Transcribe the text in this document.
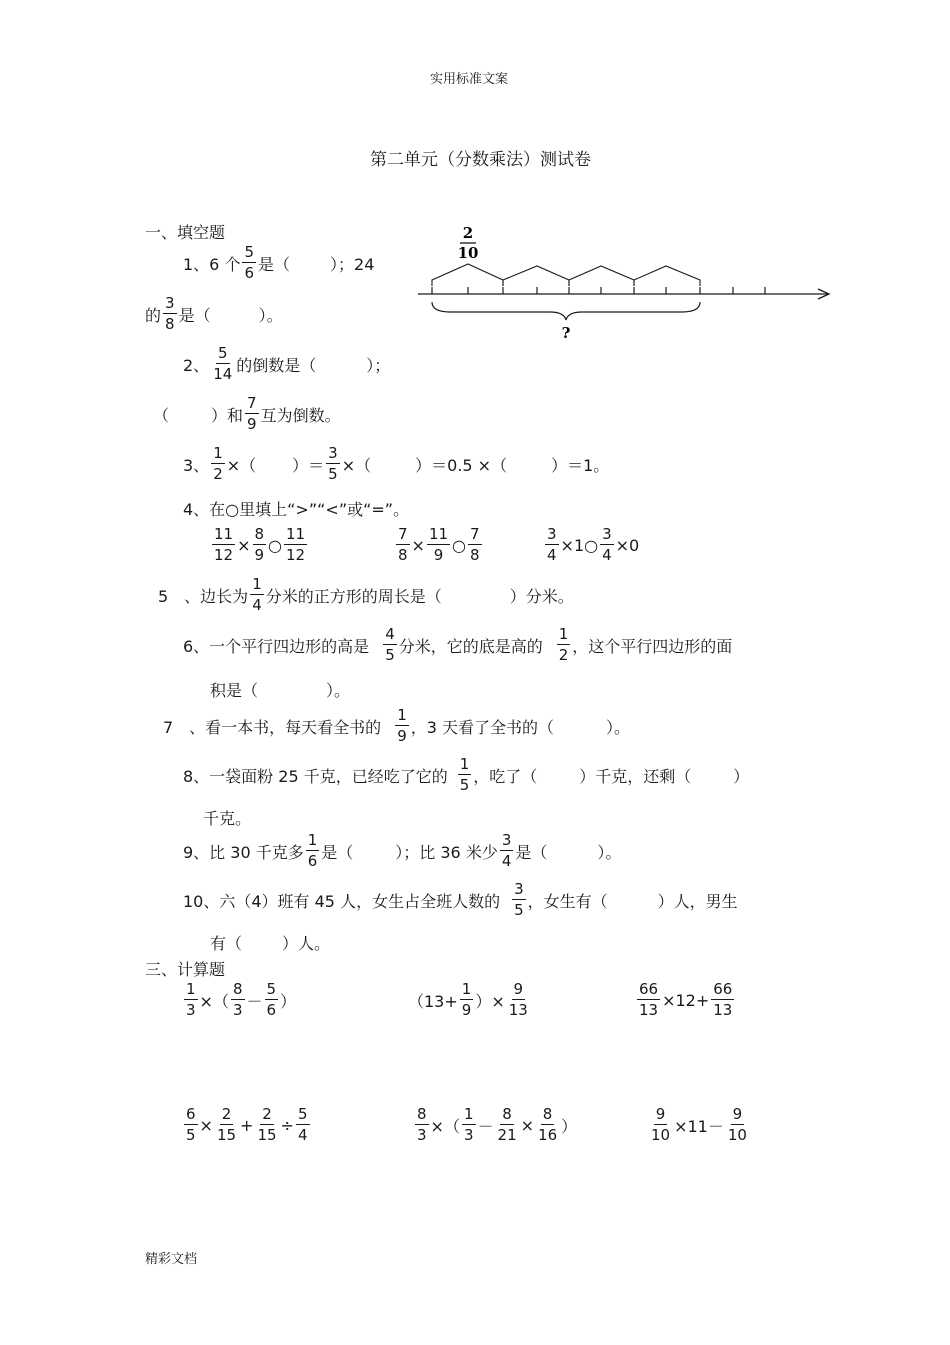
实用标准文案
第二单元（分数乘法）测试卷
一、填空题	2
10
?
1、6 个 $\frac{5}{6}$ 是（	）；24
的 $\frac{3}{8}$ 是（	）。
2、 $\frac{5}{14}$ 的倒数是（	）；
（	）和 $\frac{7}{9}$ 互为倒数。
3、 $\frac{1}{2}$ ×（ ）＝ $\frac{3}{5}$ ×（	）＝0.5 ×（	）＝1。
4、在○里填上“>”“<”或“=”。
$\frac{11}{12} \times \frac{8}{9}$ ○ $\frac{11}{12}$	$\frac{7}{8} \times \frac{11}{9}$ ○ $\frac{7}{8}$	$\frac{3}{4}$ ×1○ $\frac{3}{4} \times 0$
5　、边长为 $\frac{1}{4}$ 分米的正方形的周长是（	）分米。
6、一个平行四边形的高是 $\frac{4}{5}$ 分米，它的底是高的 $\frac{1}{2}$ ，这个平行四边形的面
积是（	）。
7　、看一本书，每天看全书的 $\frac{1}{9}$ ，3 天看了全书的（	）。
8、一袋面粉 25 千克，已经吃了它的 $\frac{1}{5}$ ，吃了（	）千克，还剩（	）
千克。
9、比 30 千克多 $\frac{1}{6}$ 是（	）；比 36 米少 $\frac{3}{4}$ 是（	）。
10、六（4）班有 45 人，女生占全班人数的 $\frac{3}{5}$ ，女生有（	）人，男生
有（	）人。
三、计算题
$\frac{1}{3}$ ×（ $\frac{8}{3} - \frac{5}{6}$ ）	（$13+ \frac{1}{9}$ ）× $\frac{9}{13}$	$\frac{66}{13} \times 12+ \frac{66}{13}$
$\frac{6}{5} \times \frac{2}{15} + \frac{2}{15} \div \frac{5}{4}$	$\frac{8}{3}$ ×（ $\frac{1}{3} - \frac{8}{21} \times \frac{8}{16}$ ）	$\frac{9}{10} \times 11- \frac{9}{10}$
精彩文档
